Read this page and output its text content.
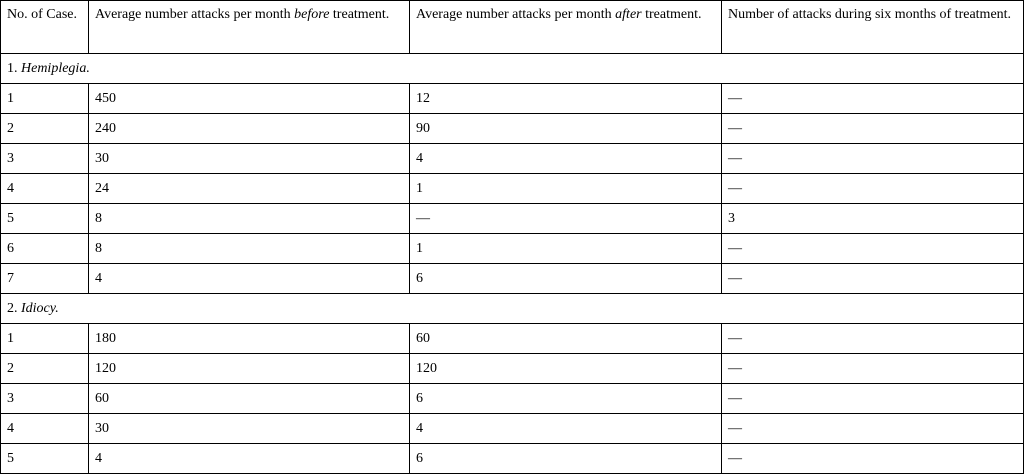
No. of Case.	Average number attacks per month before treatment.	Average number attacks per month after treatment.	Number of attacks during six months of treatment.
1. Hemiplegia.			
1	450	12	—
2	240	90	—
3	30	4	—
4	24	1	—
5	8	—	3
6	8	1	—
7	4	6	—
2. Idiocy.			
1	180	60	—
2	120	120	—
3	60	6	—
4	30	4	—
5	4	6	—
